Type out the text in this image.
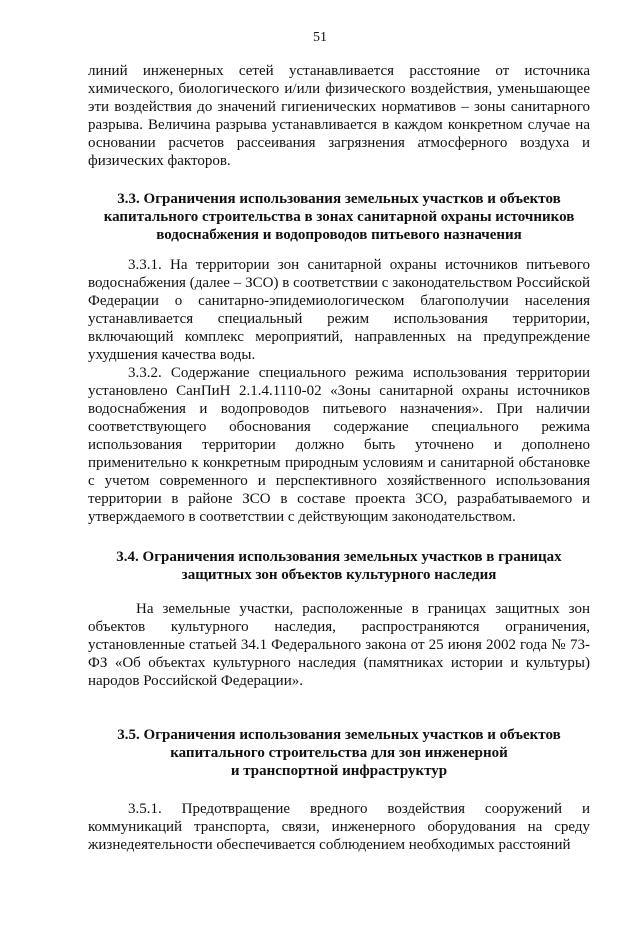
51

линий инженерных сетей устанавливается расстояние от источника химического, биологического и/или физического воздействия, уменьшающее эти воздействия до значений гигиенических нормативов – зоны санитарного разрыва. Величина разрыва устанавливается в каждом конкретном случае на основании расчетов рассеивания загрязнения атмосферного воздуха и физических факторов.

3.3. Ограничения использования земельных участков и объектов
капитального строительства в зонах санитарной охраны источников
водоснабжения и водопроводов питьевого назначения

3.3.1. На территории зон санитарной охраны источников питьевого водоснабжения (далее – ЗСО) в соответствии с законодательством Российской Федерации о санитарно-эпидемиологическом благополучии населения устанавливается специальный режим использования территории, включающий комплекс мероприятий, направленных на предупреждение ухудшения качества воды.

3.3.2. Содержание специального режима использования территории установлено СанПиН 2.1.4.1110-02 «Зоны санитарной охраны источников водоснабжения и водопроводов питьевого назначения». При наличии соответствующего обоснования содержание специального режима использования территории должно быть уточнено и дополнено применительно к конкретным природным условиям и санитарной обстановке с учетом современного и перспективного хозяйственного использования территории в районе ЗСО в составе проекта ЗСО, разрабатываемого и утверждаемого в соответствии с действующим законодательством.

3.4. Ограничения использования земельных участков в границах
защитных зон объектов культурного наследия

На земельные участки, расположенные в границах защитных зон объектов культурного наследия, распространяются ограничения, установленные статьей 34.1 Федерального закона от 25 июня 2002 года № 73-ФЗ «Об объектах культурного наследия (памятниках истории и культуры) народов Российской Федерации».

3.5. Ограничения использования земельных участков и объектов
капитального строительства для зон инженерной
и транспортной инфраструктур

3.5.1. Предотвращение вредного воздействия сооружений и коммуникаций транспорта, связи, инженерного оборудования на среду жизнедеятельности обеспечивается соблюдением необходимых расстояний
